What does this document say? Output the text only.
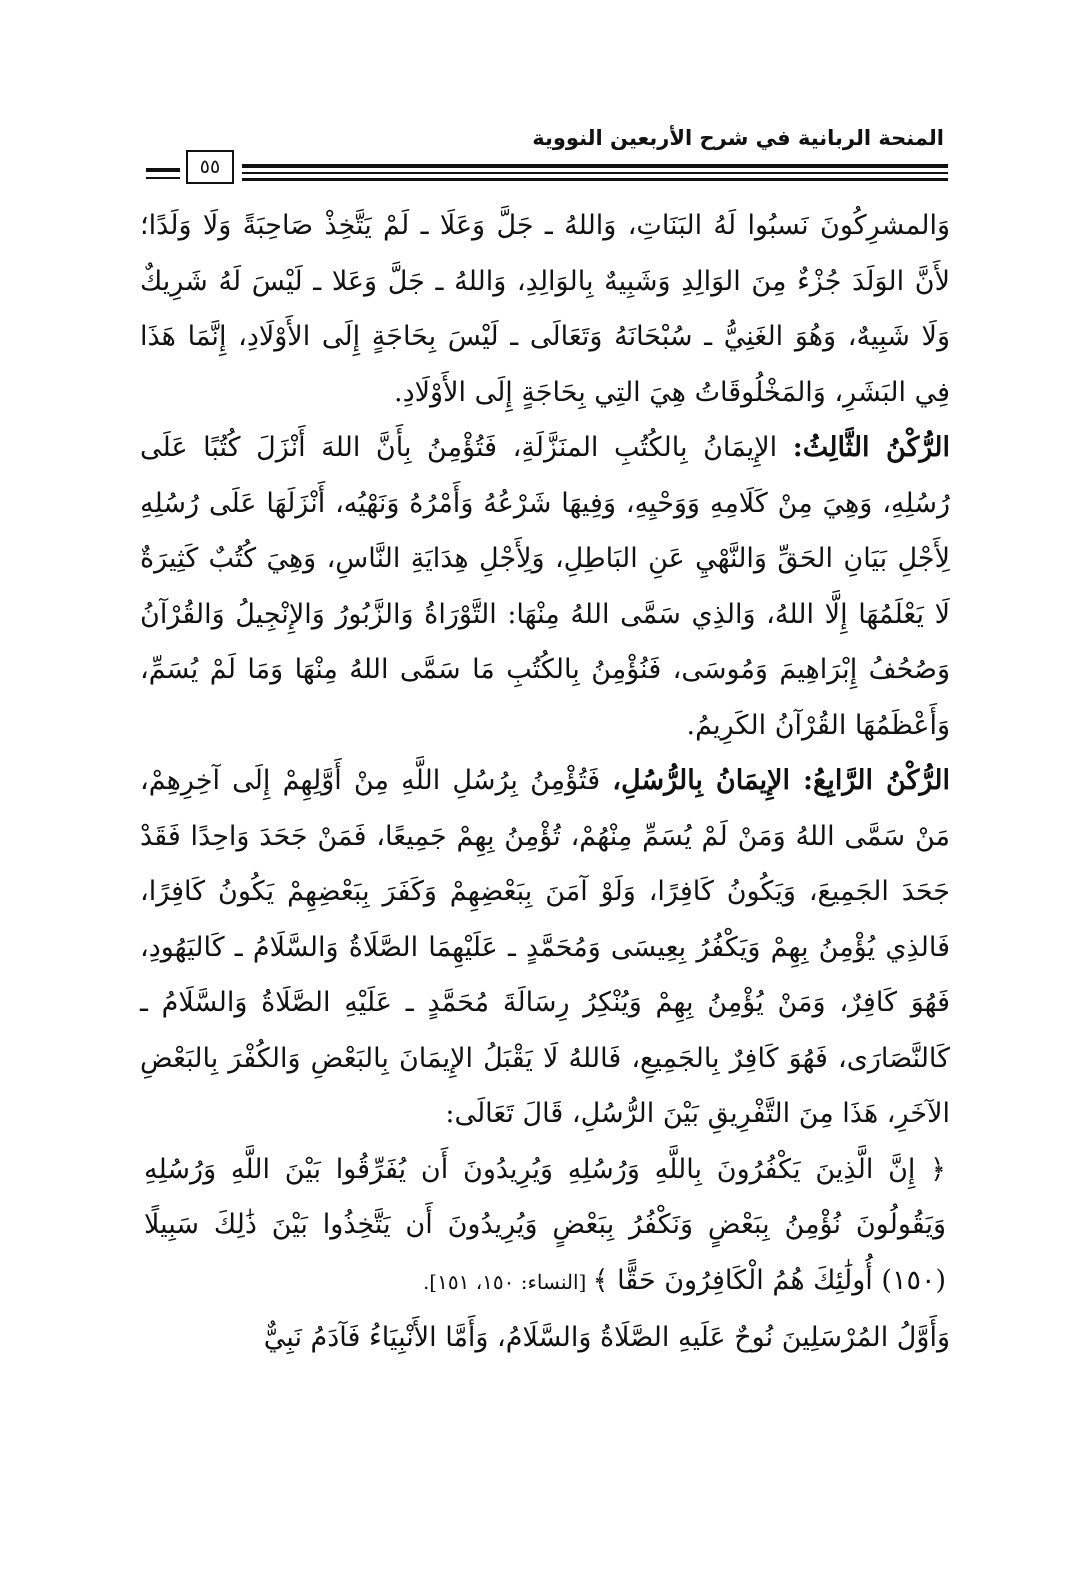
المنحة الربانية في شرح الأربعين النووية
٥٥

وَالمشرِكُونَ نَسبُوا لَهُ البَنَاتِ، وَاللهُ ـ جَلَّ وَعَلَا ـ لَمْ يَتَّخِذْ صَاحِبَةً وَلَا وَلَدًا؛ لأَنَّ الوَلَدَ جُزْءٌ مِنَ الوَالِدِ وَشَبِيهٌ بِالوَالِدِ، وَاللهُ ـ جَلَّ وَعَلا ـ لَيْسَ لَهُ شَرِيكٌ وَلَا شَبِيهٌ، وَهُوَ الغَنِيُّ ـ سُبْحَانَهُ وَتَعَالَى ـ لَيْسَ بِحَاجَةٍ إِلَى الأَوْلَادِ، إِنَّمَا هَذَا فِي البَشَرِ، وَالمَخْلُوقَاتُ هِيَ التِي بِحَاجَةٍ إِلَى الأَوْلَادِ.

الرُّكْنُ الثَّالِثُ: الإِيمَانُ بِالكُتُبِ المنَزَّلَةِ، فَتُؤْمِنُ بِأَنَّ اللهَ أَنْزَلَ كُتُبًا عَلَى رُسُلِهِ، وَهِيَ مِنْ كَلَامِهِ وَوَحْيِهِ، وَفِيهَا شَرْعُهُ وَأَمْرُهُ وَنَهْيُه، أَنْزَلَهَا عَلَى رُسُلِهِ لِأَجْلِ بَيَانِ الحَقِّ وَالنَّهْيِ عَنِ البَاطِلِ، وَلِأَجْلِ هِدَايَةِ النَّاسِ، وَهِيَ كُتُبٌ كَثِيرَةٌ لَا يَعْلَمُهَا إِلَّا اللهُ، وَالذِي سَمَّى اللهُ مِنْهَا: التَّوْرَاةُ وَالزَّبُورُ وَالإِنْجِيلُ وَالقُرْآنُ وَصُحُفُ إِبْرَاهِيمَ وَمُوسَى، فَنُؤْمِنُ بِالكُتُبِ مَا سَمَّى اللهُ مِنْهَا وَمَا لَمْ يُسَمِّ، وَأَعْظَمُهَا القُرْآنُ الكَرِيمُ.

الرُّكْنُ الرَّابِعُ: الإِيمَانُ بِالرُّسُلِ، فَتُؤْمِنُ بِرُسُلِ اللَّهِ مِنْ أَوَّلِهِمْ إِلَى آخِرِهِمْ، مَنْ سَمَّى اللهُ وَمَنْ لَمْ يُسَمِّ مِنْهُمْ، تُؤْمِنُ بِهِمْ جَمِيعًا، فَمَنْ جَحَدَ وَاحِدًا فَقَدْ جَحَدَ الجَمِيعَ، وَيَكُونُ كَافِرًا، وَلَوْ آمَنَ بِبَعْضِهِمْ وَكَفَرَ بِبَعْضِهِمْ يَكُونُ كَافِرًا، فَالذِي يُؤْمِنُ بِهِمْ وَيَكْفُرُ بِعِيسَى وَمُحَمَّدٍ ـ عَلَيْهِمَا الصَّلَاةُ وَالسَّلَامُ ـ كَاليَهُودِ، فَهُوَ كَافِرٌ، وَمَنْ يُؤْمِنُ بِهِمْ وَيُنْكِرُ رِسَالَةَ مُحَمَّدٍ ـ عَلَيْهِ الصَّلَاةُ وَالسَّلَامُ ـ كَالنَّصَارَى، فَهُوَ كَافِرٌ بِالجَمِيعِ، فَاللهُ لَا يَقْبَلُ الإِيمَانَ بِالبَعْضِ وَالكُفْرَ بِالبَعْضِ الآخَرِ، هَذَا مِنَ التَّفْرِيقِ بَيْنَ الرُّسُلِ، قَالَ تَعَالَى:

﴿ إِنَّ الَّذِينَ يَكْفُرُونَ بِاللَّهِ وَرُسُلِهِ وَيُرِيدُونَ أَن يُفَرِّقُوا بَيْنَ اللَّهِ وَرُسُلِهِ وَيَقُولُونَ نُؤْمِنُ بِبَعْضٍ وَنَكْفُرُ بِبَعْضٍ وَيُرِيدُونَ أَن يَتَّخِذُوا بَيْنَ ذَٰلِكَ سَبِيلًا (١٥٠) أُولَٰئِكَ هُمُ الْكَافِرُونَ حَقًّا ﴾ [النساء: ١٥٠، ١٥١].

وَأَوَّلُ المُرْسَلِينَ نُوحٌ عَلَيهِ الصَّلَاةُ وَالسَّلَامُ، وَأَمَّا الأَنْبِيَاءُ فَآدَمُ نَبِيٌّ
